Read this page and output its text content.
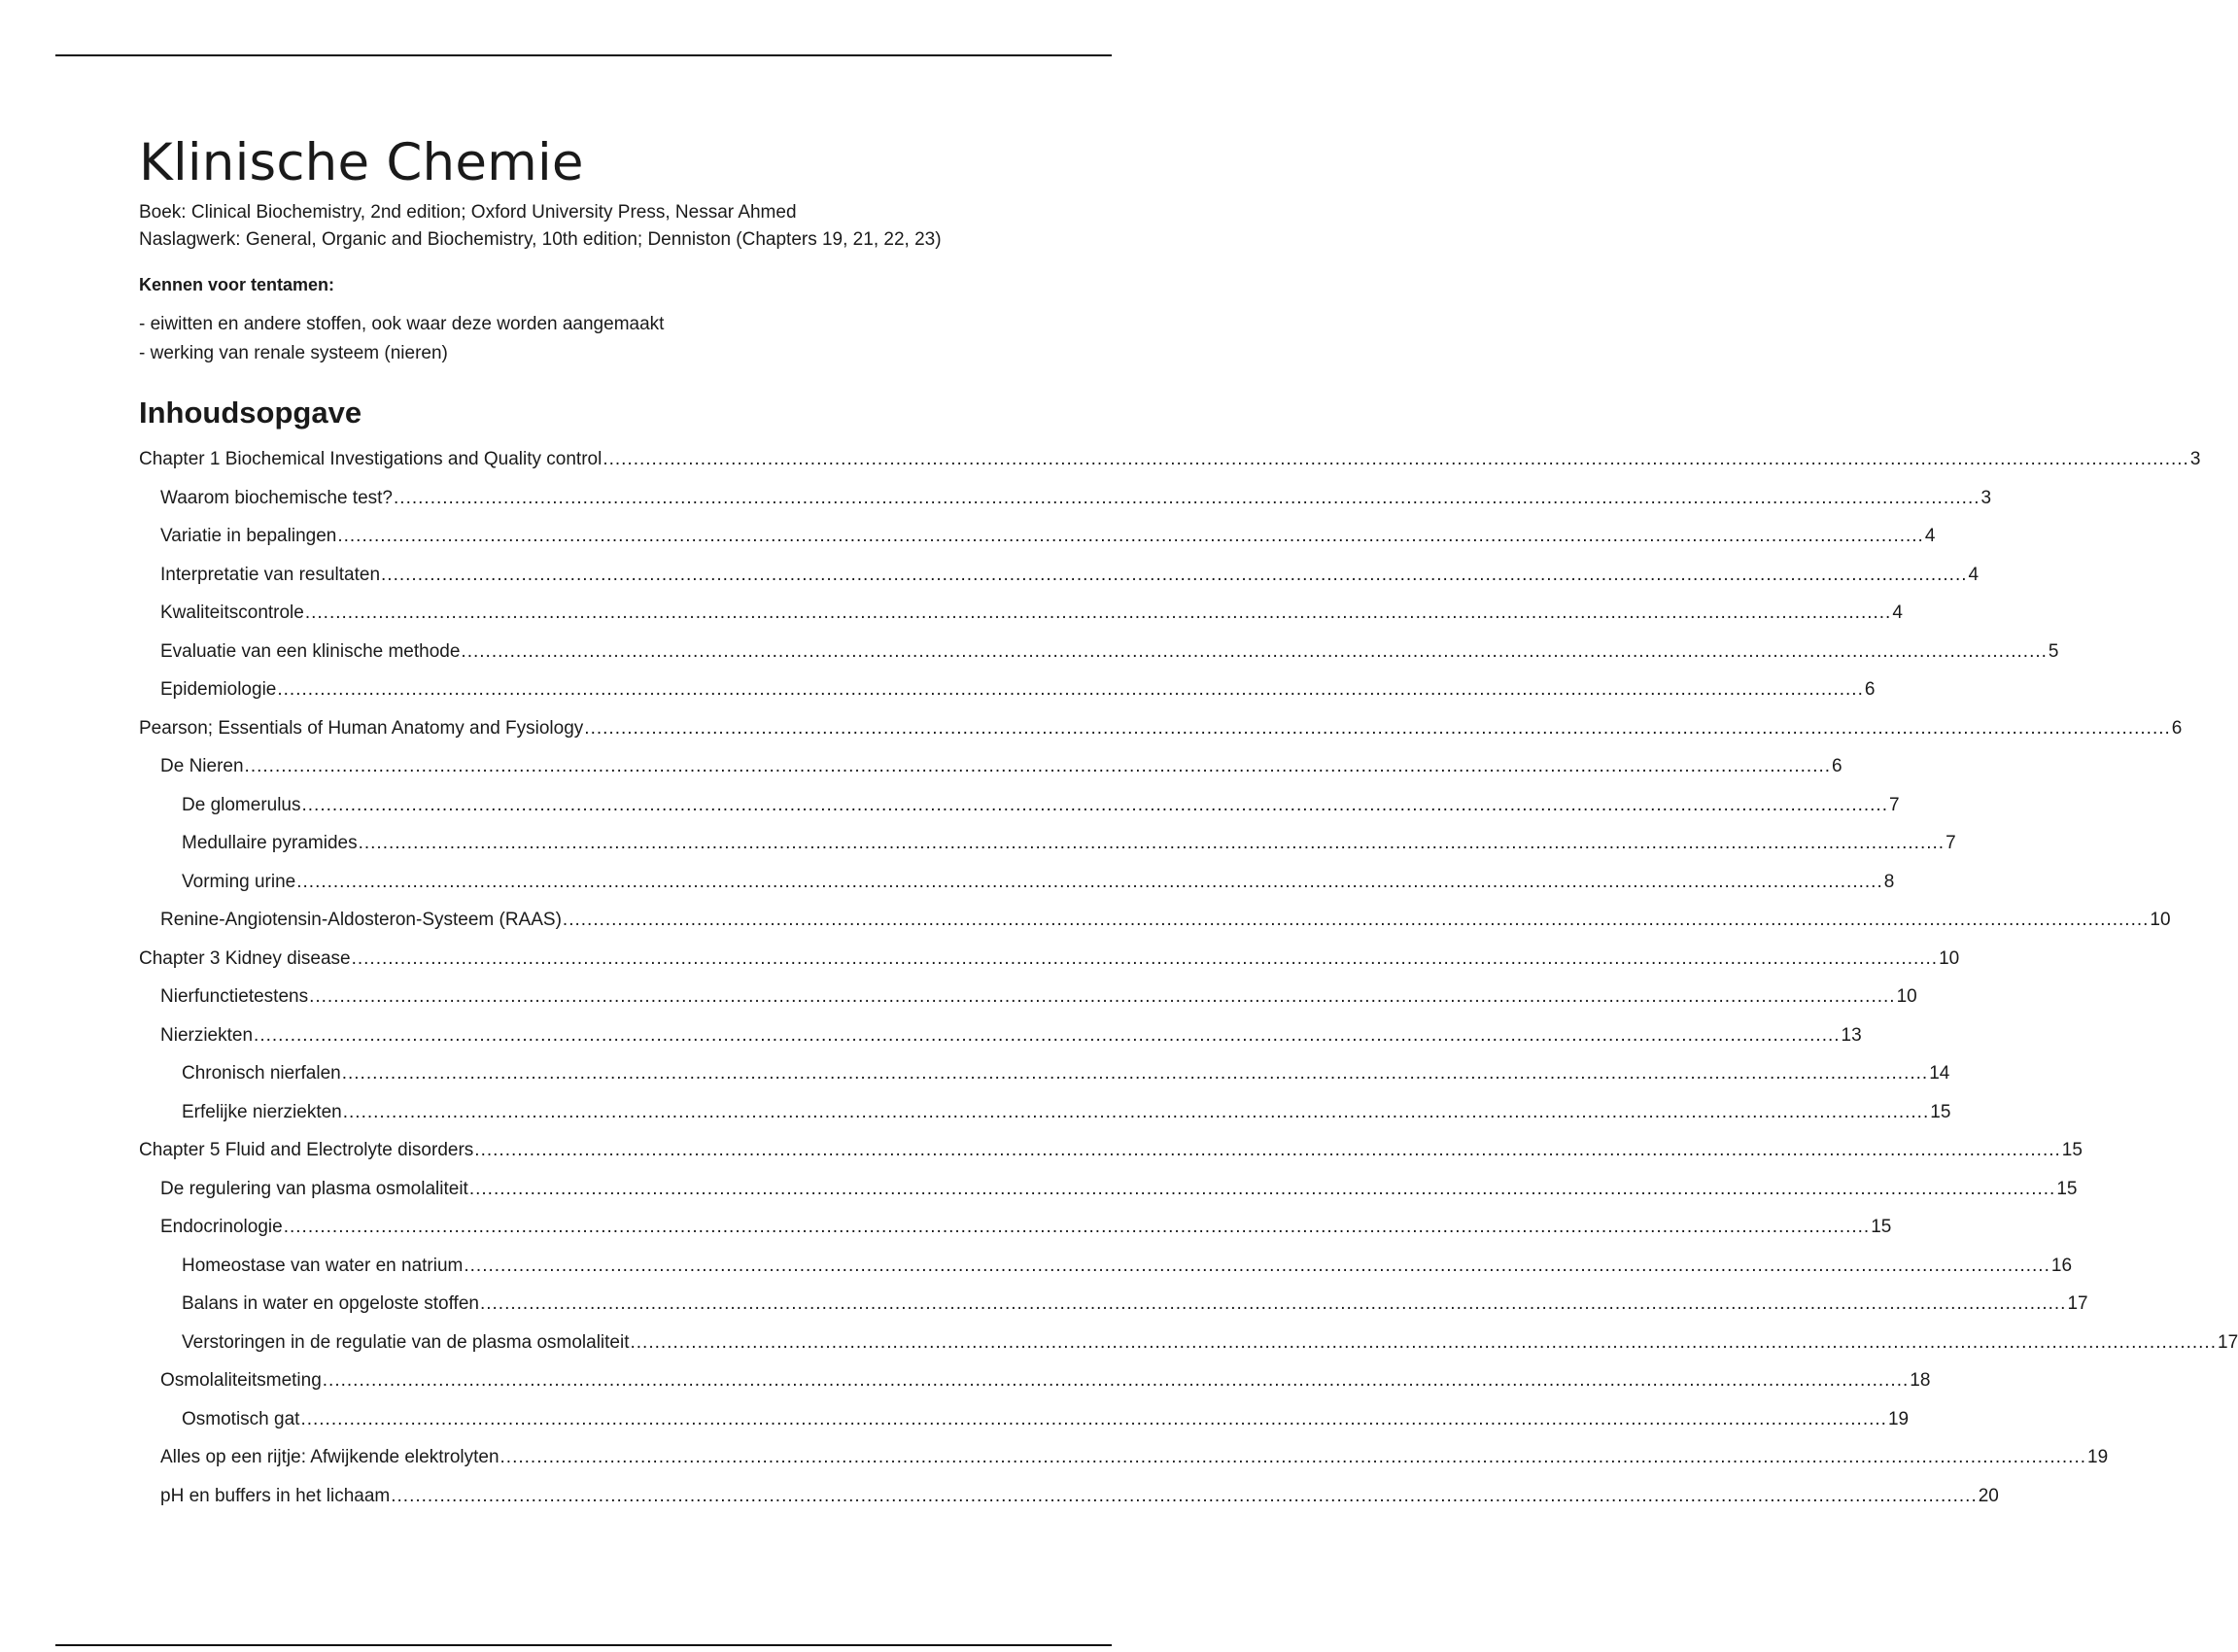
Klinische Chemie

Boek: Clinical Biochemistry, 2nd edition; Oxford University Press, Nessar Ahmed

Naslagwerk: General, Organic and Biochemistry, 10th edition; Denniston (Chapters 19, 21, 22, 23)

Kennen voor tentamen:

- eiwitten en andere stoffen, ook waar deze worden aangemaakt

- werking van renale systeem (nieren)

Inhoudsopgave
Chapter 1 Biochemical Investigations and Quality control .................................................................................................................................................................................................................................................................... 3
Waarom biochemische test? .................................................................................................................................................................................................................................................................... 3
Variatie in bepalingen .................................................................................................................................................................................................................................................................... 4
Interpretatie van resultaten .................................................................................................................................................................................................................................................................... 4
Kwaliteitscontrole .................................................................................................................................................................................................................................................................... 4
Evaluatie van een klinische methode .................................................................................................................................................................................................................................................................... 5
Epidemiologie .................................................................................................................................................................................................................................................................... 6
Pearson; Essentials of Human Anatomy and Fysiology .................................................................................................................................................................................................................................................................... 6
De Nieren .................................................................................................................................................................................................................................................................... 6
De glomerulus .................................................................................................................................................................................................................................................................... 7
Medullaire pyramides .................................................................................................................................................................................................................................................................... 7
Vorming urine .................................................................................................................................................................................................................................................................... 8
Renine-Angiotensin-Aldosteron-Systeem (RAAS) .................................................................................................................................................................................................................................................................... 10
Chapter 3 Kidney disease .................................................................................................................................................................................................................................................................... 10
Nierfunctietestens .................................................................................................................................................................................................................................................................... 10
Nierziekten .................................................................................................................................................................................................................................................................... 13
Chronisch nierfalen .................................................................................................................................................................................................................................................................... 14
Erfelijke nierziekten .................................................................................................................................................................................................................................................................... 15
Chapter 5 Fluid and Electrolyte disorders .................................................................................................................................................................................................................................................................... 15
De regulering van plasma osmolaliteit .................................................................................................................................................................................................................................................................... 15
Endocrinologie .................................................................................................................................................................................................................................................................... 15
Homeostase van water en natrium .................................................................................................................................................................................................................................................................... 16
Balans in water en opgeloste stoffen .................................................................................................................................................................................................................................................................... 17
Verstoringen in de regulatie van de plasma osmolaliteit .................................................................................................................................................................................................................................................................... 17
Osmolaliteitsmeting .................................................................................................................................................................................................................................................................... 18
Osmotisch gat .................................................................................................................................................................................................................................................................... 19
Alles op een rijtje: Afwijkende elektrolyten .................................................................................................................................................................................................................................................................... 19
pH en buffers in het lichaam .................................................................................................................................................................................................................................................................... 20
